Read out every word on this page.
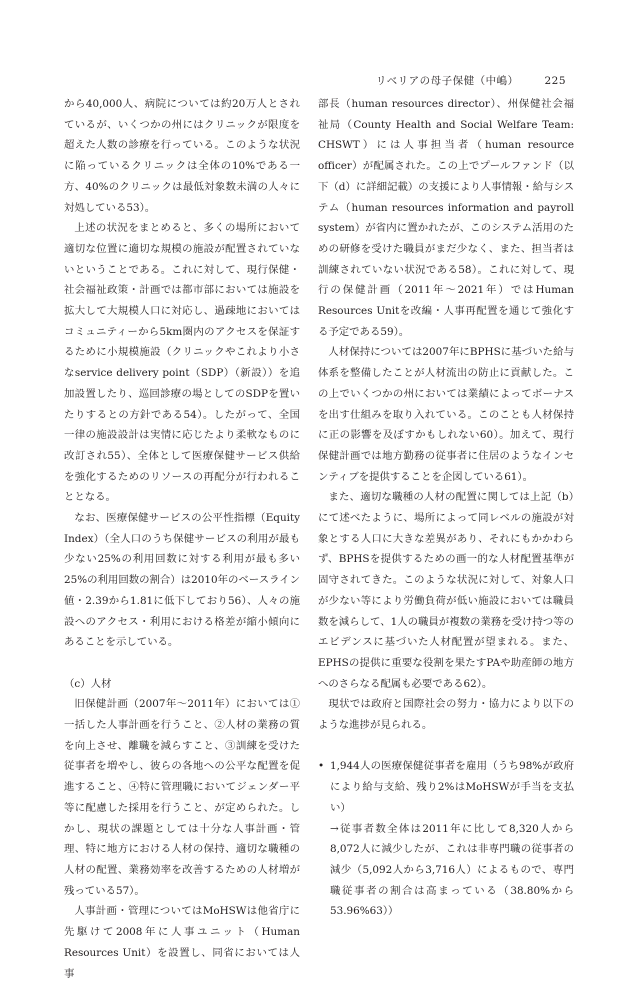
リベリアの母子保健（中嶋） 225

から40,000人、病院については約20万人とされているが、いくつかの州にはクリニックが限度を超えた人数の診療を行っている。このような状況に陥っているクリニックは全体の10%である一方、40%のクリニックは最低対象数未満の人々に対処している53）。

上述の状況をまとめると、多くの場所において適切な位置に適切な規模の施設が配置されていないということである。これに対して、現行保健・社会福祉政策・計画では都市部においては施設を拡大して大規模人口に対応し、過疎地においてはコミュニティーから5km圏内のアクセスを保証するために小規模施設（クリニックやこれより小さなservice delivery point（SDP）（新設））を追加設置したり、巡回診療の場としてのSDPを置いたりするとの方針である54）。したがって、全国一律の施設設計は実情に応じたより柔軟なものに改訂され55）、全体として医療保健サービス供給を強化するためのリソースの再配分が行われることとなる。

なお、医療保健サービスの公平性指標（Equity Index）（全人口のうち保健サービスの利用が最も少ない25%の利用回数に対する利用が最も多い25%の利用回数の割合）は2010年のベースライン値・2.39から1.81に低下しており56）、人々の施設へのアクセス・利用における格差が縮小傾向にあることを示している。

（c）人材

旧保健計画（2007年～2011年）においては①一括した人事計画を行うこと、②人材の業務の質を向上させ、離職を減らすこと、③訓練を受けた従事者を増やし、彼らの各地への公平な配置を促進すること、④特に管理職においてジェンダー平等に配慮した採用を行うこと、が定められた。しかし、現状の課題としては十分な人事計画・管理、特に地方における人材の保持、適切な職種の人材の配置、業務効率を改善するための人材増が残っている57）。

人事計画・管理についてはMoHSWは他省庁に先駆けて2008年に人事ユニット（Human Resources Unit）を設置し、同省においては人事

部長（human resources director）、州保健社会福祉局（County Health and Social Welfare Team: CHSWT）には人事担当者（human resource officer）が配属された。この上でプールファンド（以下（d）に詳細記載）の支援により人事情報・給与システム（human resources information and payroll system）が省内に置かれたが、このシステム活用のための研修を受けた職員がまだ少なく、また、担当者は訓練されていない状況である58）。これに対して、現行の保健計画（2011年～2021年）ではHuman Resources Unitを改編・人事再配置を通じて強化する予定である59）。

人材保持については2007年にBPHSに基づいた給与体系を整備したことが人材流出の防止に貢献した。この上でいくつかの州においては業績によってボーナスを出す仕組みを取り入れている。このことも人材保持に正の影響を及ぼすかもしれない60）。加えて、現行保健計画では地方勤務の従事者に住居のようなインセンティブを提供することを企図している61）。

また、適切な職種の人材の配置に関しては上記（b）にて述べたように、場所によって同レベルの施設が対象とする人口に大きな差異があり、それにもかかわらず、BPHSを提供するための画一的な人材配置基準が固守されてきた。このような状況に対して、対象人口が少ない等により労働負荷が低い施設においては職員数を減らして、1人の職員が複数の業務を受け持つ等のエビデンスに基づいた人材配置が望まれる。また、EPHSの提供に重要な役割を果たすPAや助産師の地方へのさらなる配属も必要である62）。

現状では政府と国際社会の努力・協力により以下のような進捗が見られる。

• 1,944人の医療保健従事者を雇用（うち98%が政府により給与支給、残り2%はMoHSWが手当を支払い）

→従事者数全体は2011年に比して8,320人から8,072人に減少したが、これは非専門職の従事者の減少（5,092人から3,716人）によるもので、専門職従事者の割合は高まっている（38.80%から53.96%63））
